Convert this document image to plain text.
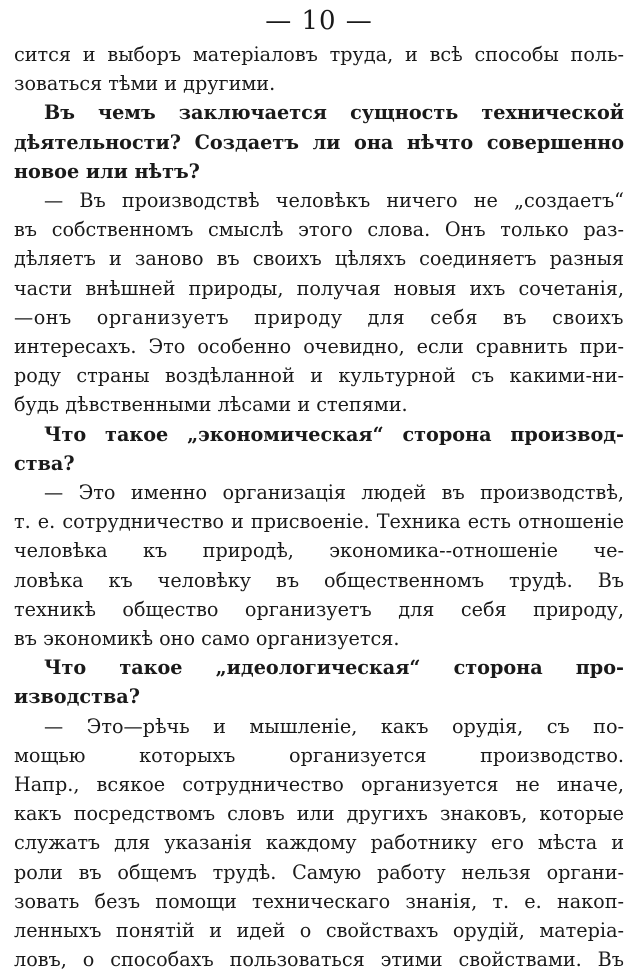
— 10 —

сится и выборъ матеріаловъ труда, и всѣ способы поль-
зоваться тѣми и другими.

Въ чемъ заключается сущность технической
дѣятельности? Создаетъ ли она нѣчто совершенно
новое или нѣтъ?

— Въ производствѣ человѣкъ ничего не „создаетъ“
въ собственномъ смыслѣ этого слова. Онъ только раз-
дѣляетъ и заново въ своихъ цѣляхъ соединяетъ разныя
части внѣшней природы, получая новыя ихъ сочетанія,
—онъ организуетъ природу для себя въ своихъ
интересахъ. Это особенно очевидно, если сравнить при-
роду страны воздѣланной и культурной съ какими-ни-
будь дѣвственными лѣсами и степями.

Что такое „экономическая“ сторона производ-
ства?

— Это именно организація людей въ производствѣ,
т. е. сотрудничество и присвоеніе. Техника есть отношеніе
человѣка къ природѣ, экономика--отношеніе че-
ловѣка къ человѣку въ общественномъ трудѣ. Въ
техникѣ общество организуетъ для себя природу,
въ экономикѣ оно само организуется.

Что такое „идеологическая“ сторона про-
изводства?

— Это—рѣчь и мышленіе, какъ орудія, съ по-
мощью которыхъ организуется производство.
Напр., всякое сотрудничество организуется не иначе,
какъ посредствомъ словъ или другихъ знаковъ, которые
служатъ для указанія каждому работнику его мѣста и
роли въ общемъ трудѣ. Самую работу нельзя органи-
зовать безъ помощи техническаго знанія, т. е. накоп-
ленныхъ понятій и идей о свойствахъ орудій, матеріа-
ловъ, о способахъ пользоваться этими свойствами. Въ
